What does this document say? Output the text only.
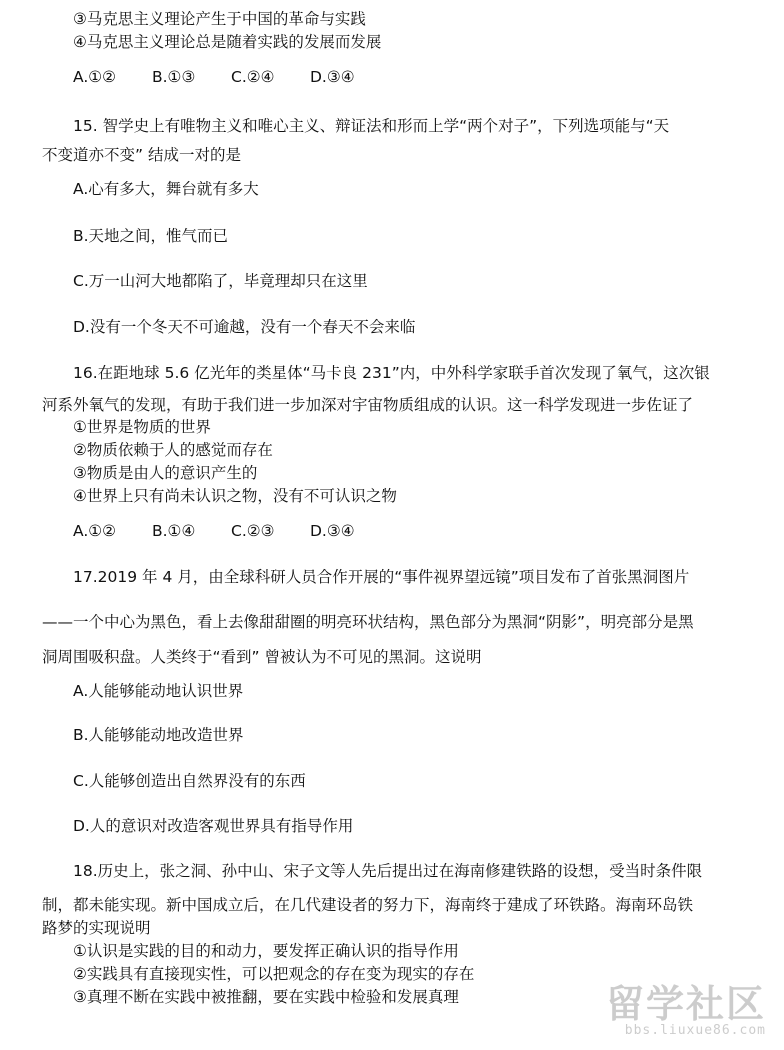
③马克思主义理论产生于中国的革命与实践
④马克思主义理论总是随着实践的发展而发展
A.①② B.①③ C.②④ D.③④
15. 智学史上有唯物主义和唯心主义、辩证法和形而上学“两个对子”，下列选项能与“天
不变道亦不变” 结成一对的是
A.心有多大，舞台就有多大
B.天地之间，惟气而已
C.万一山河大地都陷了，毕竟理却只在这里
D.没有一个冬天不可逾越，没有一个春天不会来临
16.在距地球 5.6 亿光年的类星体“马卡良 231”内，中外科学家联手首次发现了氧气，这次银
河系外氧气的发现，有助于我们进一步加深对宇宙物质组成的认识。这一科学发现进一步佐证了
①世界是物质的世界
②物质依赖于人的感觉而存在
③物质是由人的意识产生的
④世界上只有尚未认识之物，没有不可认识之物
A.①② B.①④ C.②③ D.③④
17.2019 年 4 月，由全球科研人员合作开展的“事件视界望远镜”项目发布了首张黑洞图片
——一个中心为黑色，看上去像甜甜圈的明亮环状结构，黑色部分为黑洞“阴影”，明亮部分是黑
洞周围吸积盘。人类终于“看到” 曾被认为不可见的黑洞。这说明
A.人能够能动地认识世界
B.人能够能动地改造世界
C.人能够创造出自然界没有的东西
D.人的意识对改造客观世界具有指导作用
18.历史上，张之洞、孙中山、宋子文等人先后提出过在海南修建铁路的设想，受当时条件限
制，都未能实现。新中国成立后，在几代建设者的努力下，海南终于建成了环铁路。海南环岛铁
路梦的实现说明
①认识是实践的目的和动力，要发挥正确认识的指导作用
②实践具有直接现实性，可以把观念的存在变为现实的存在
③真理不断在实践中被推翻，要在实践中检验和发展真理	留学社区
bbs.liuxue86.com
